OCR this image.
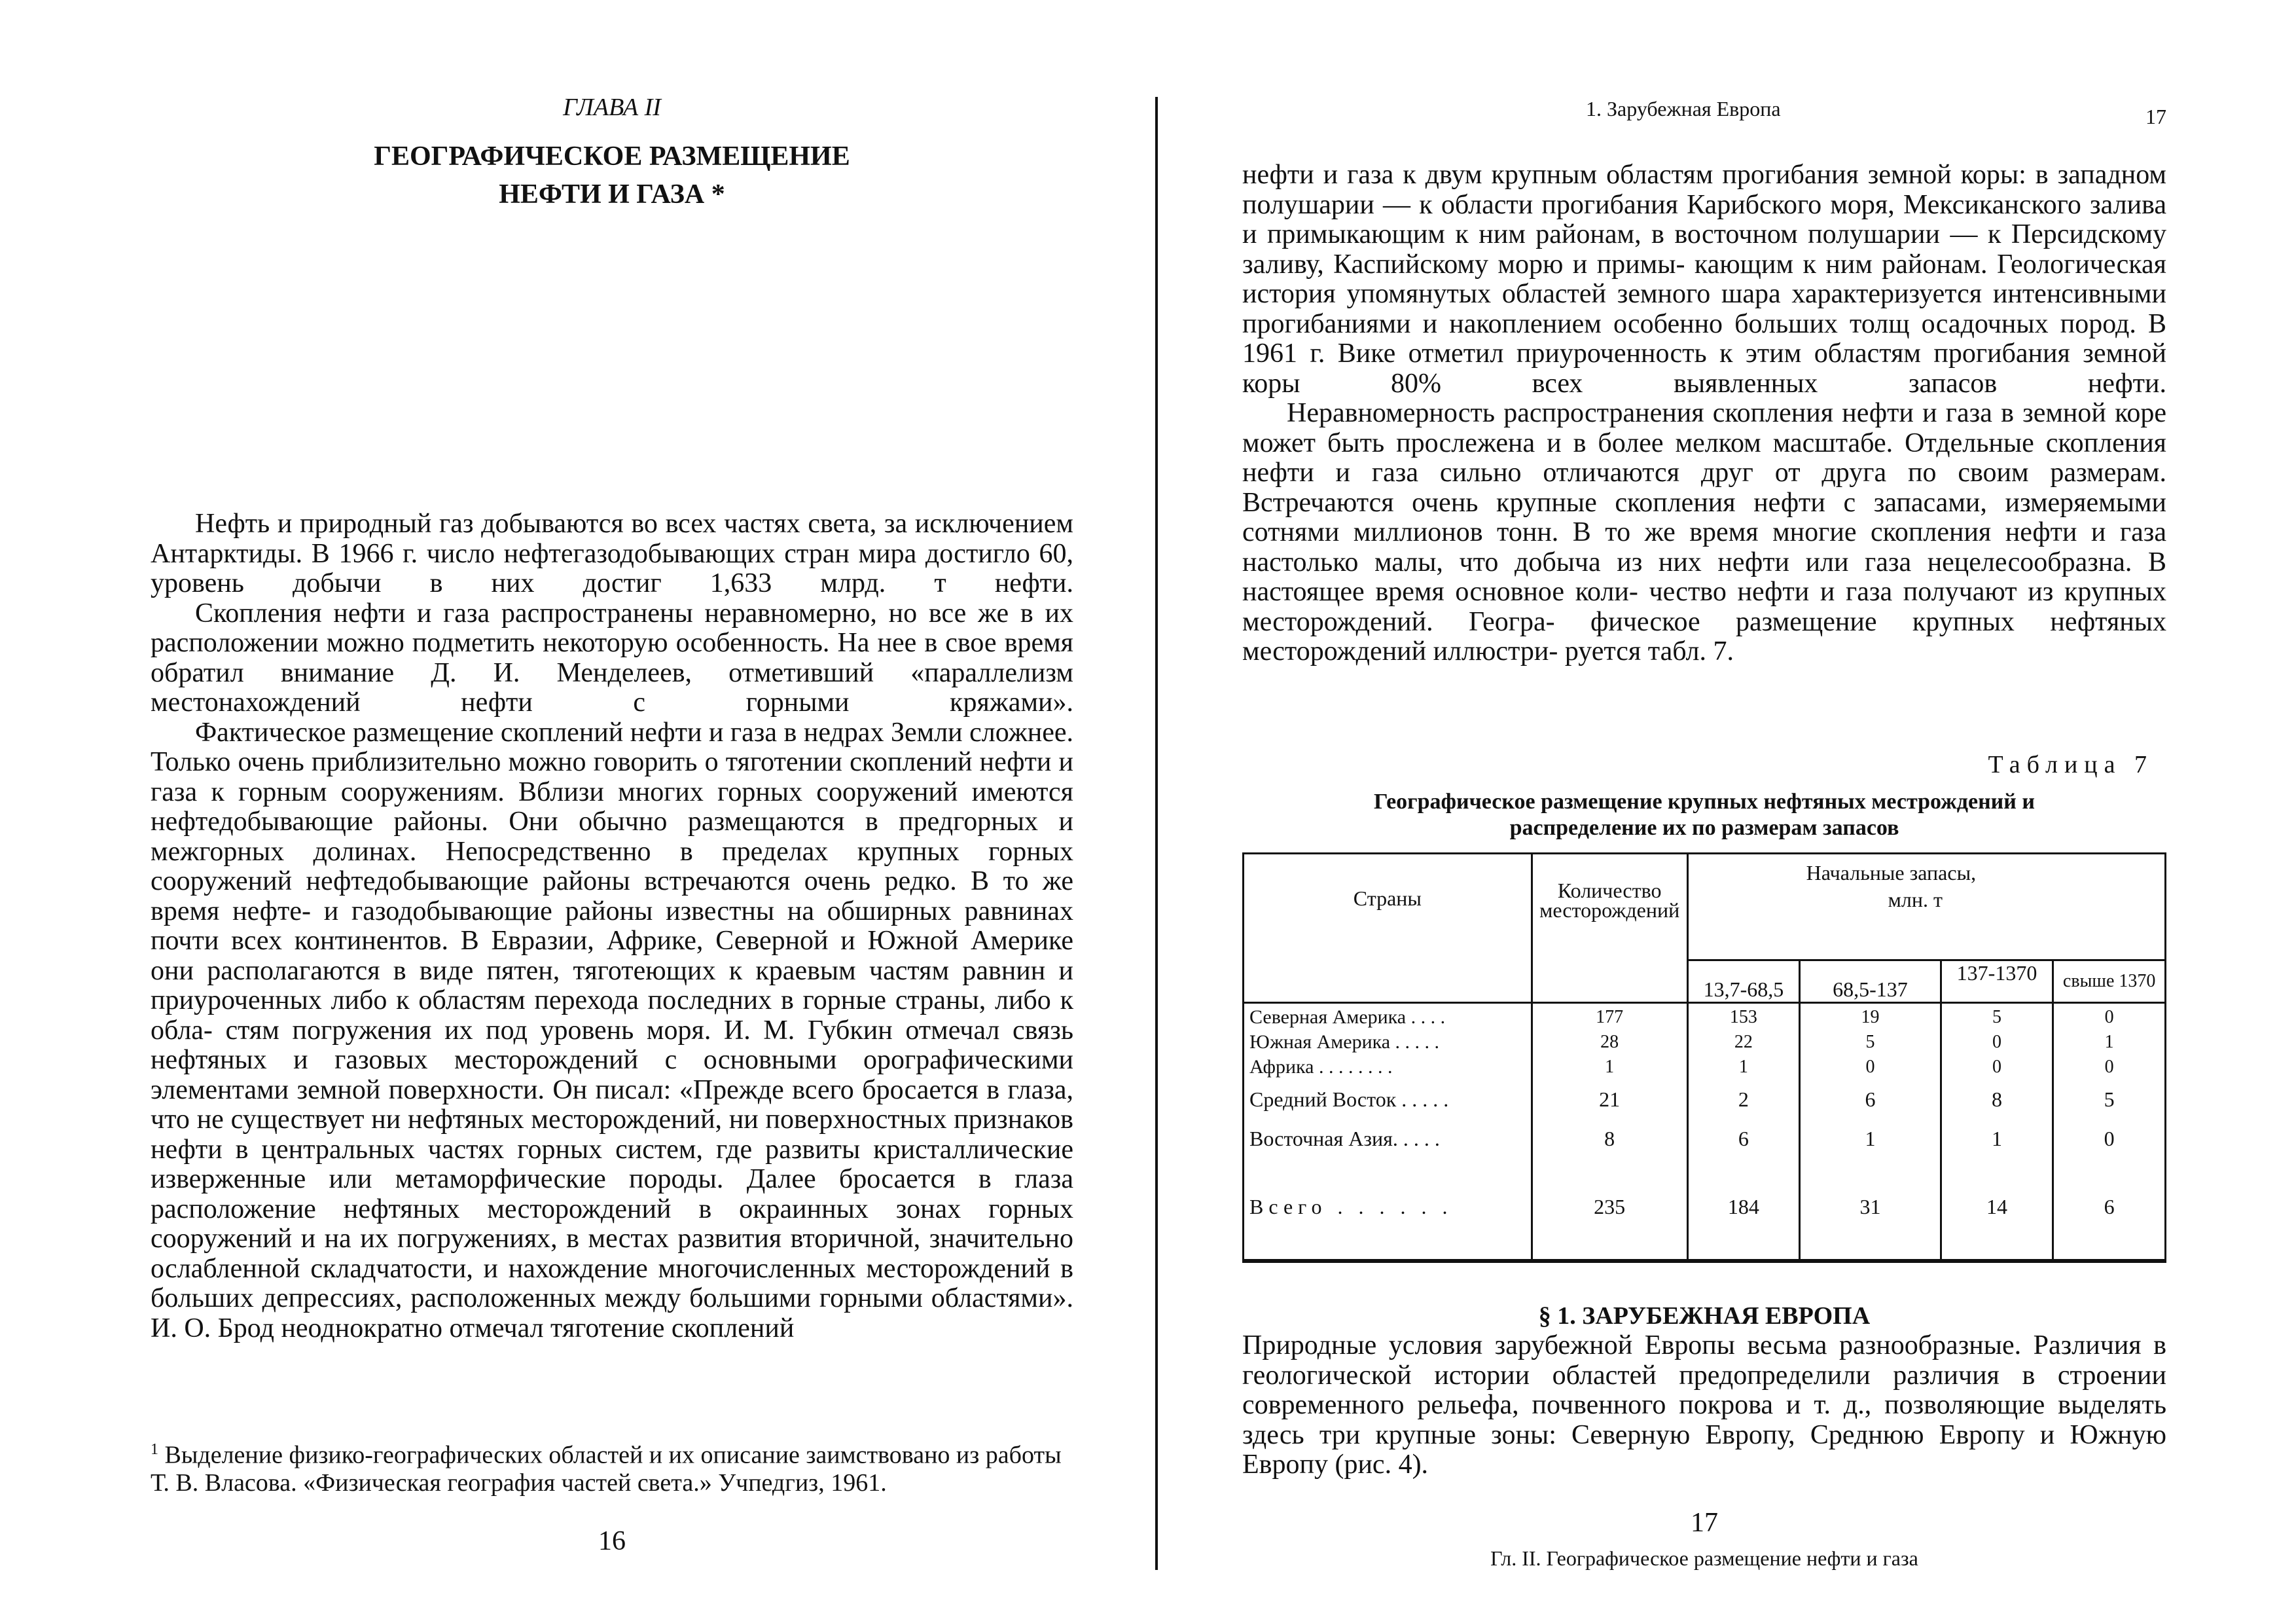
ГЛАВА II
ГЕОГРАФИЧЕСКОЕ РАЗМЕЩЕНИЕ
НЕФТИ И ГАЗА *

Нефть и природный газ добываются во всех частях света, за исключением Антарктиды. В 1966 г. число нефтегазодобывающих стран мира достигло 60, уровень добычи в них достиг 1,633 млрд. т нефти.

Скопления нефти и газа распространены неравномерно, но все же в их расположении можно подметить некоторую особенность. На нее в свое время обратил внимание Д. И. Менделеев, отметивший «параллелизм местонахождений нефти с горными кряжами».

Фактическое размещение скоплений нефти и газа в недрах Земли сложнее. Только очень приблизительно можно говорить о тяготении скоплений нефти и газа к горным сооружениям. Вблизи многих горных сооружений имеются нефтедобывающие районы. Они обычно размещаются в предгорных и межгорных долинах. Непосредственно в пределах крупных горных сооружений нефтедобывающие районы встречаются очень редко. В то же время нефте- и газодобывающие районы известны на обширных равнинах почти всех континентов. В Евразии, Африке, Северной и Южной Америке они располагаются в виде пятен, тяготеющих к краевым частям равнин и приуроченных либо к областям перехода последних в горные страны, либо к обла- стям погружения их под уровень моря. И. М. Губкин отмечал связь нефтяных и газовых месторождений с основными орографическими элементами земной поверхности. Он писал: «Прежде всего бросается в глаза, что не существует ни нефтяных месторождений, ни поверхностных признаков нефти в центральных частях горных систем, где развиты кристаллические изверженные или метаморфические породы. Далее бросается в глаза расположение нефтяных месторождений в окраинных зонах горных сооружений и на их погружениях, в местах развития вторичной, значительно ослабленной складчатости, и нахождение многочисленных месторождений в больших депрессиях, расположенных между большими горными областями». И. О. Брод неоднократно отмечал тяготение скоплений

$^1$ Выделение физико-географических областей и их описание заимствовано из работы Т. В. Власова. «Физическая география частей света.» Учпедгиз, 1961.
16
1. Зарубежная Европа	17

нефти и газа к двум крупным областям прогибания земной коры: в западном полушарии — к области прогибания Карибского моря, Мексиканского залива и примыкающим к ним районам, в восточном полушарии — к Персидскому заливу, Каспийскому морю и примы- кающим к ним районам. Геологическая история упомянутых областей земного шара характеризуется интенсивными прогибаниями и накоплением особенно больших толщ осадочных пород. В 1961 г. Вике отметил приуроченность к этим областям прогибания земной коры 80% всех выявленных запасов нефти.

Неравномерность распространения скопления нефти и газа в земной коре может быть прослежена и в более мелком масштабе. Отдельные скопления нефти и газа сильно отличаются друг от друга по своим размерам. Встречаются очень крупные скопления нефти с запасами, измеряемыми сотнями миллионов тонн. В то же время многие скопления нефти и газа настолько малы, что добыча из них нефти или газа нецелесообразна. В настоящее время основное коли- чество нефти и газа получают из крупных месторождений. Геогра- фическое размещение крупных нефтяных месторождений иллюстри- руется табл. 7.

Таблица 7
Географическое размещение крупных нефтяных местрождений и
распределение их по размерам запасов
Страны	Количество месторождений	Начальные запасы,
млн. т			

		13,7-68,5	68,5-137	137-1370	свыше 1370
Северная Америка . . . .	177	153	19	5	0
Южная Америка . . . . .	28	22	5	0	1
Африка . . . . . . . .	1	1	0	0	0
Средний Восток . . . . .	21	2	6	8	5
Восточная Азия. . . . .	8	6	1	1	0

Всего . . . . . .	235	184	31	14	6

§ 1. ЗАРУБЕЖНАЯ ЕВРОПА

Природные условия зарубежной Европы весьма разнообразные. Различия в геологической истории областей предопределили различия в строении современного рельефа, почвенного покрова и т. д., позволяющие выделять здесь три крупные зоны: Северную Европу, Среднюю Европу и Южную Европу (рис. 4).

17
Гл. II. Географическое размещение нефти и газа
